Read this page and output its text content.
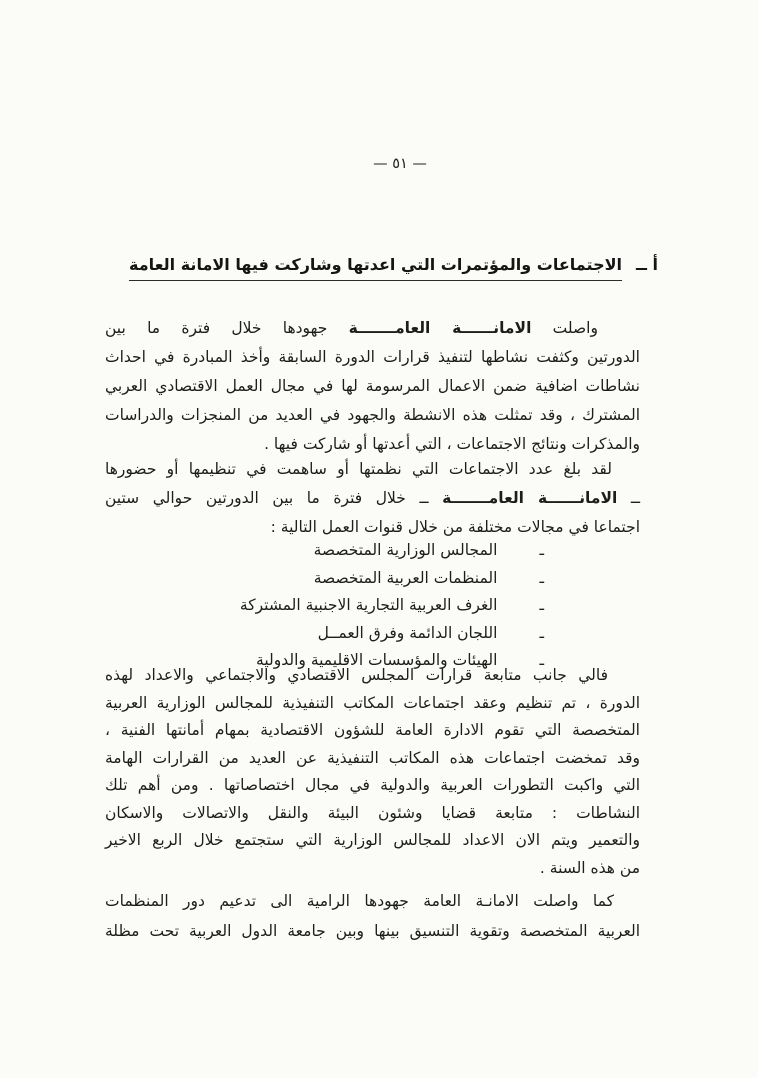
— ٥١ —
أ ــ
الاجتماعات والمؤتمرات التي اعدتها وشاركت فيها الامانة العامة
واصلت الامانــــــة العامـــــــة جهودها خلال فترة ما بين
الدورتين وكثفت نشاطها لتنفيذ قرارات الدورة السابقة وأخذ المبادرة في احداث
نشاطات اضافية ضمن الاعمال المرسومة لها في مجال العمل الاقتصادي العربي
المشترك ، وقد تمثلت هذه الانشطة والجهود في العديد من المنجزات والدراسات
والمذكرات ونتائج الاجتماعات ، التي أعدتها أو شاركت فيها .
لقد بلغ عدد الاجتماعات التي نظمتها أو ساهمت في تنظيمها أو حضورها
ــ الامانــــــة العامـــــــة ــ خلال فترة ما بين الدورتين حوالي ستين
اجتماعا في مجالات مختلفة من خلال قنوات العمل التالية :
ـ
المجالس الوزارية المتخصصة
ـ
المنظمات العربية المتخصصة
ـ
الغرف العربية التجارية الاجنبية المشتركة
ـ
اللجان الدائمة وفرق العمــل
ـ
الهيئات والمؤسسات الاقليمية والدولية
فالي جانب متابعة قرارات المجلس الاقتصادي والاجتماعي والاعداد لهذه
الدورة ، تم تنظيم وعقد اجتماعات المكاتب التنفيذية للمجالس الوزارية العربية
المتخصصة التي تقوم الادارة العامة للشؤون الاقتصادية بمهام أمانتها الفنية ،
وقد تمخضت اجتماعات هذه المكاتب التنفيذية عن العديد من القرارات الهامة
التي واكبت التطورات العربية والدولية في مجال اختصاصاتها . ومن أهم تلك
النشاطات : متابعة قضايا وشئون البيئة والنقل والاتصالات والاسكان
والتعمير ويتم الان الاعداد للمجالس الوزارية التي ستجتمع خلال الربع الاخير
من هذه السنة .
كما واصلت الامانـة العامة جهودها الرامية الى تدعيم دور المنظمات
العربية المتخصصة وتقوية التنسيق بينها وبين جامعة الدول العربية تحت مظلة
